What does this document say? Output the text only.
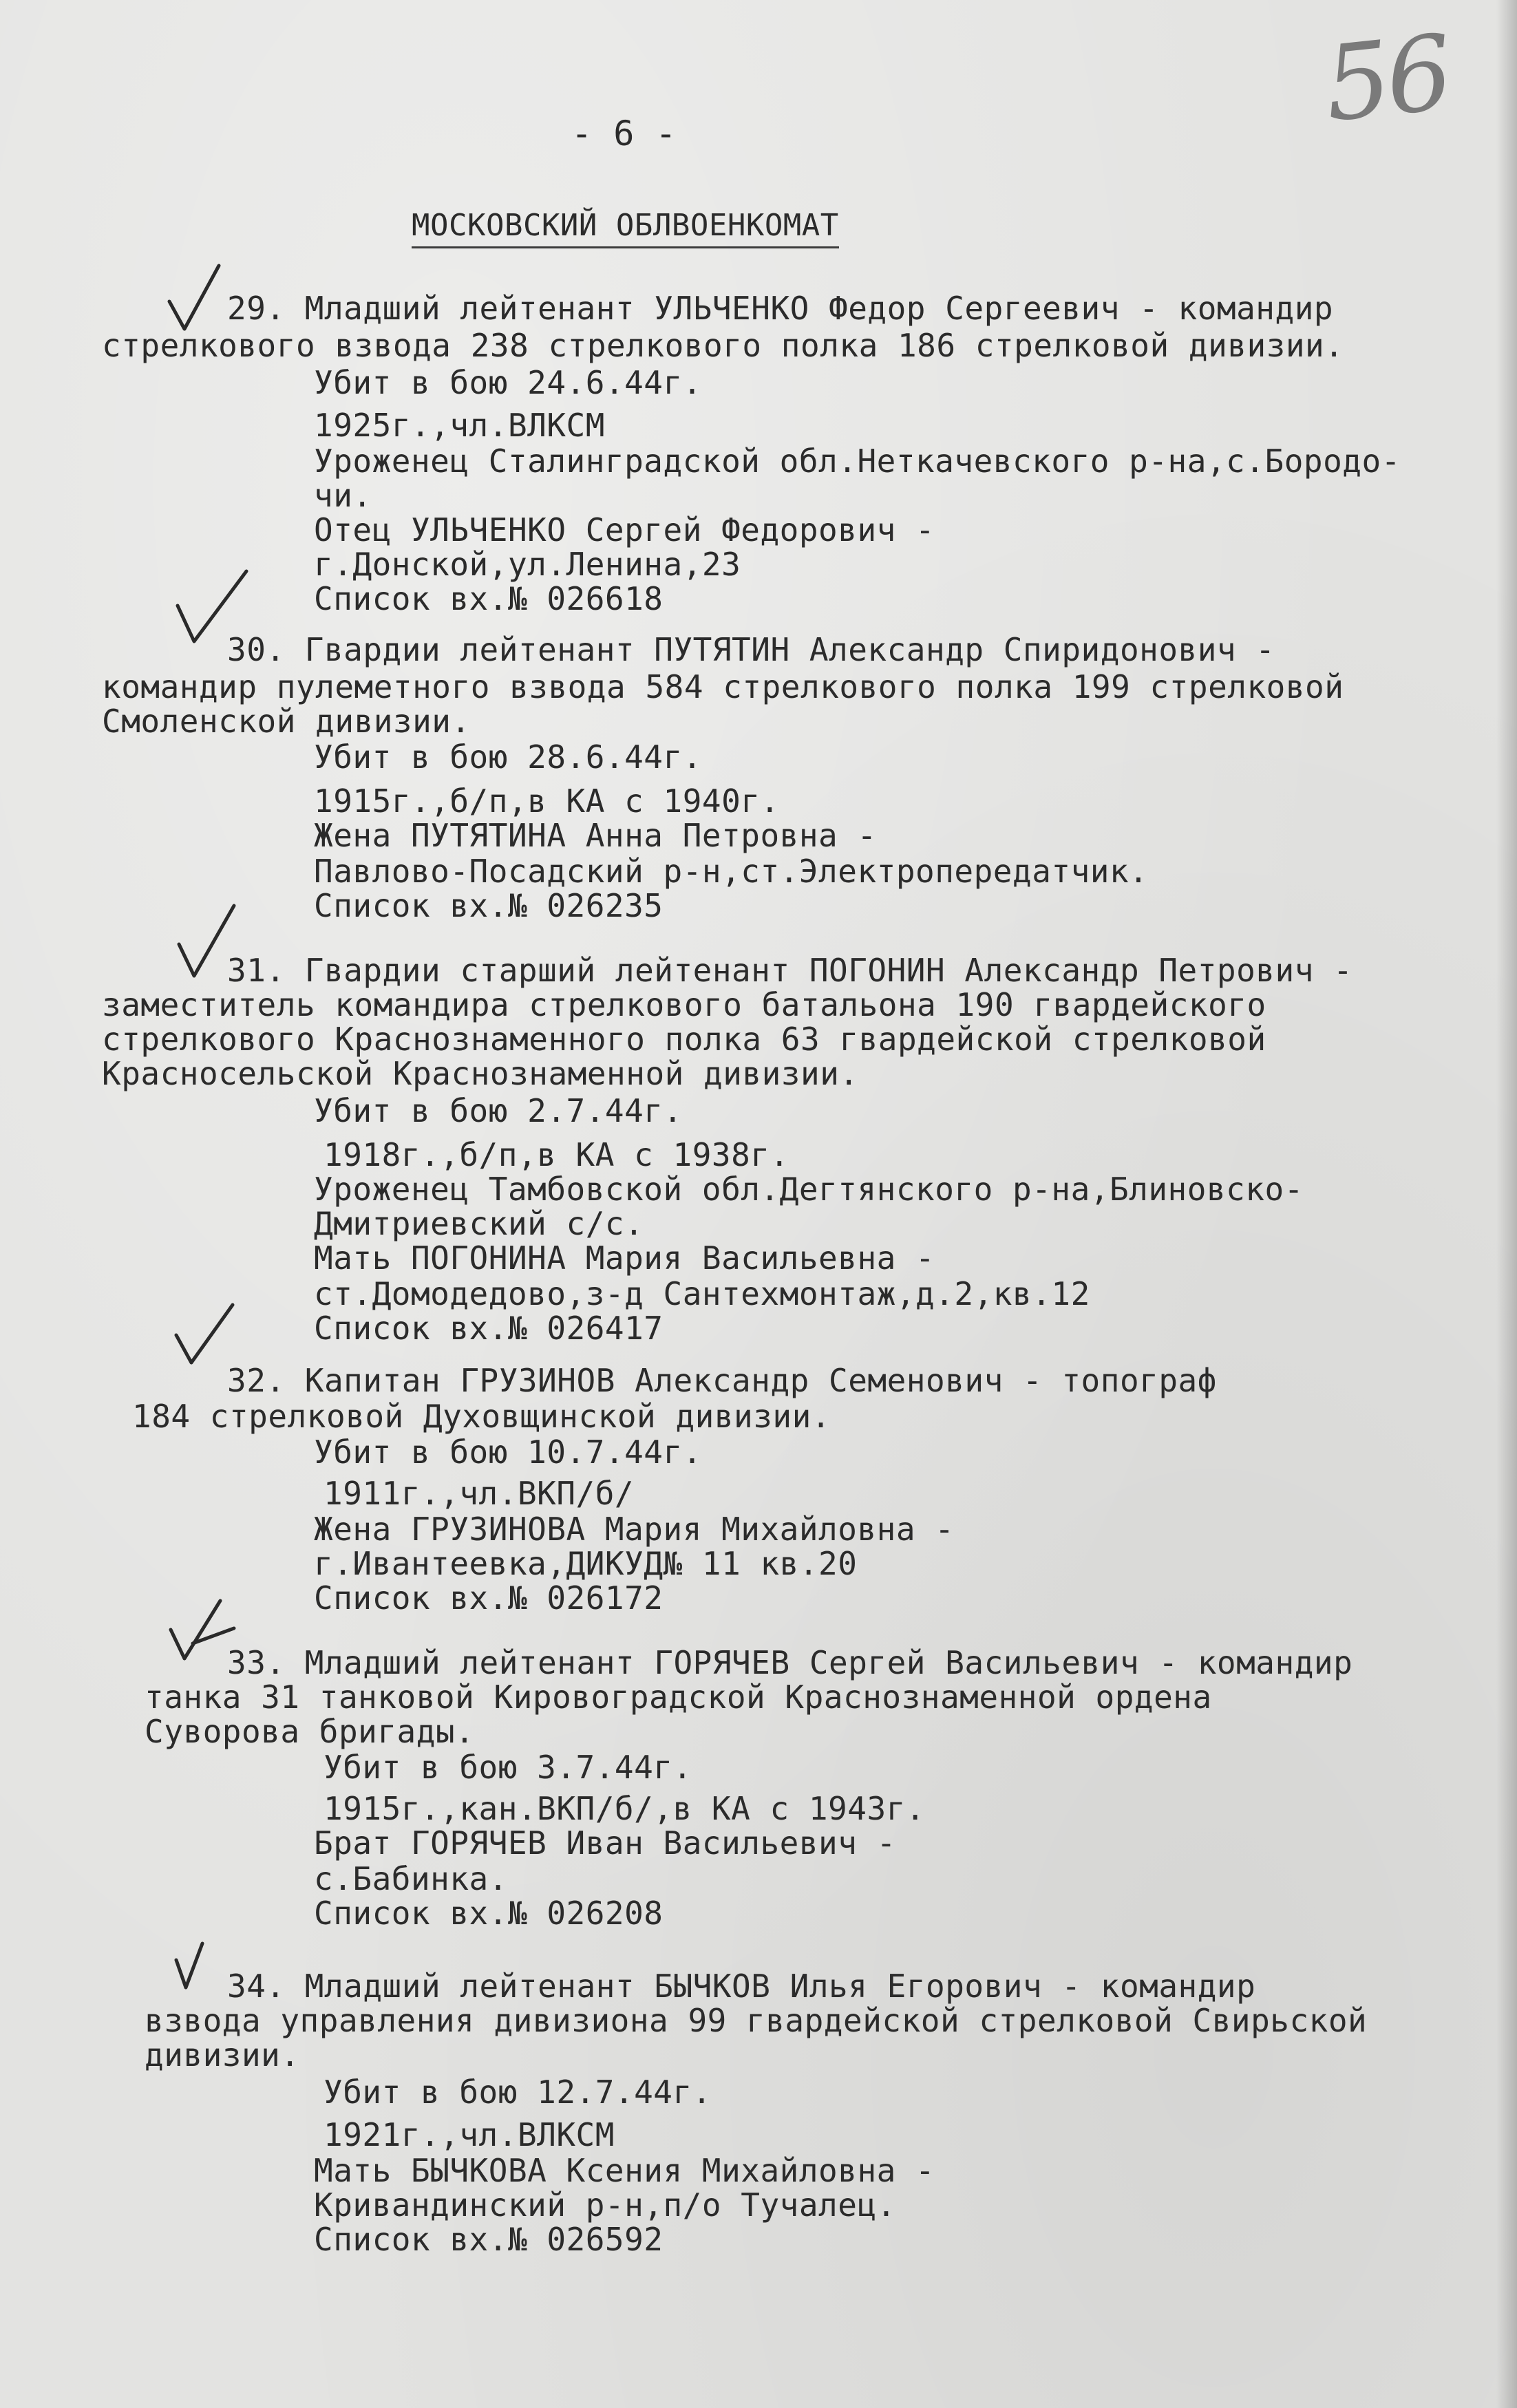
56
- 6 -
МОСКОВСКИЙ ОБЛВОЕНКОМАТ
29. Младший лейтенант УЛЬЧЕНКО Федор Сергеевич - командир
стрелкового взвода 238 стрелкового полка 186 стрелковой дивизии.
Убит в бою 24.6.44г.
1925г.,чл.ВЛКСМ
Уроженец Сталинградской обл.Неткачевского р-на,с.Бородо-
чи.
Отец УЛЬЧЕНКО Сергей Федорович -
г.Донской,ул.Ленина,23
Список вх.№ 026618
30. Гвардии лейтенант ПУТЯТИН Александр Спиридонович -
командир пулеметного взвода 584 стрелкового полка 199 стрелковой
Смоленской дивизии.
Убит в бою 28.6.44г.
1915г.,б/п,в КА с 1940г.
Жена ПУТЯТИНА Анна Петровна -
Павлово-Посадский р-н,ст.Электропередатчик.
Список вх.№ 026235
31. Гвардии старший лейтенант ПОГОНИН Александр Петрович -
заместитель командира стрелкового батальона 190 гвардейского
стрелкового Краснознаменного полка 63 гвардейской стрелковой
Красносельской Краснознаменной дивизии.
Убит в бою 2.7.44г.
1918г.,б/п,в КА с 1938г.
Уроженец Тамбовской обл.Дегтянского р-на,Блиновско-
Дмитриевский с/с.
Мать ПОГОНИНА Мария Васильевна -
ст.Домодедово,з-д Сантехмонтаж,д.2,кв.12
Список вх.№ 026417
32. Капитан ГРУЗИНОВ Александр Семенович - топограф
184 стрелковой Духовщинской дивизии.
Убит в бою 10.7.44г.
1911г.,чл.ВКП/б/
Жена ГРУЗИНОВА Мария Михайловна -
г.Ивантеевка,ДИКУД№ 11 кв.20
Список вх.№ 026172
33. Младший лейтенант ГОРЯЧЕВ Сергей Васильевич - командир
танка 31 танковой Кировоградской Краснознаменной ордена
Суворова бригады.
Убит в бою 3.7.44г.
1915г.,кан.ВКП/б/,в КА с 1943г.
Брат ГОРЯЧЕВ Иван Васильевич -
с.Бабинка.
Список вх.№ 026208
34. Младший лейтенант БЫЧКОВ Илья Егорович - командир
взвода управления дивизиона 99 гвардейской стрелковой Свирьской
дивизии.
Убит в бою 12.7.44г.
1921г.,чл.ВЛКСМ
Мать БЫЧКОВА Ксения Михайловна -
Кривандинский р-н,п/о Тучалец.
Список вх.№ 026592
